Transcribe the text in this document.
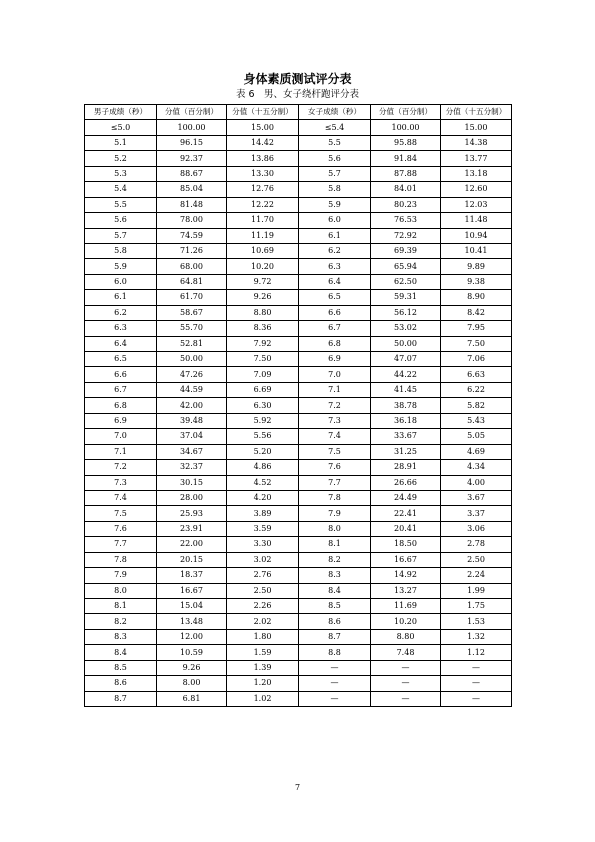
身体素质测试评分表
表 6　男、女子绕杆跑评分表
男子成绩（秒）	分值（百分制）	分值（十五分制）	女子成绩（秒）	分值（百分制）	分值（十五分制）
≤5.0	100.00	15.00	≤5.4	100.00	15.00
5.1	96.15	14.42	5.5	95.88	14.38
5.2	92.37	13.86	5.6	91.84	13.77
5.3	88.67	13.30	5.7	87.88	13.18
5.4	85.04	12.76	5.8	84.01	12.60
5.5	81.48	12.22	5.9	80.23	12.03
5.6	78.00	11.70	6.0	76.53	11.48
5.7	74.59	11.19	6.1	72.92	10.94
5.8	71.26	10.69	6.2	69.39	10.41
5.9	68.00	10.20	6.3	65.94	9.89
6.0	64.81	9.72	6.4	62.50	9.38
6.1	61.70	9.26	6.5	59.31	8.90
6.2	58.67	8.80	6.6	56.12	8.42
6.3	55.70	8.36	6.7	53.02	7.95
6.4	52.81	7.92	6.8	50.00	7.50
6.5	50.00	7.50	6.9	47.07	7.06
6.6	47.26	7.09	7.0	44.22	6.63
6.7	44.59	6.69	7.1	41.45	6.22
6.8	42.00	6.30	7.2	38.78	5.82
6.9	39.48	5.92	7.3	36.18	5.43
7.0	37.04	5.56	7.4	33.67	5.05
7.1	34.67	5.20	7.5	31.25	4.69
7.2	32.37	4.86	7.6	28.91	4.34
7.3	30.15	4.52	7.7	26.66	4.00
7.4	28.00	4.20	7.8	24.49	3.67
7.5	25.93	3.89	7.9	22.41	3.37
7.6	23.91	3.59	8.0	20.41	3.06
7.7	22.00	3.30	8.1	18.50	2.78
7.8	20.15	3.02	8.2	16.67	2.50
7.9	18.37	2.76	8.3	14.92	2.24
8.0	16.67	2.50	8.4	13.27	1.99
8.1	15.04	2.26	8.5	11.69	1.75
8.2	13.48	2.02	8.6	10.20	1.53
8.3	12.00	1.80	8.7	8.80	1.32
8.4	10.59	1.59	8.8	7.48	1.12
8.5	9.26	1.39	—	—	—
8.6	8.00	1.20	—	—	—
8.7	6.81	1.02	—	—	—
7
